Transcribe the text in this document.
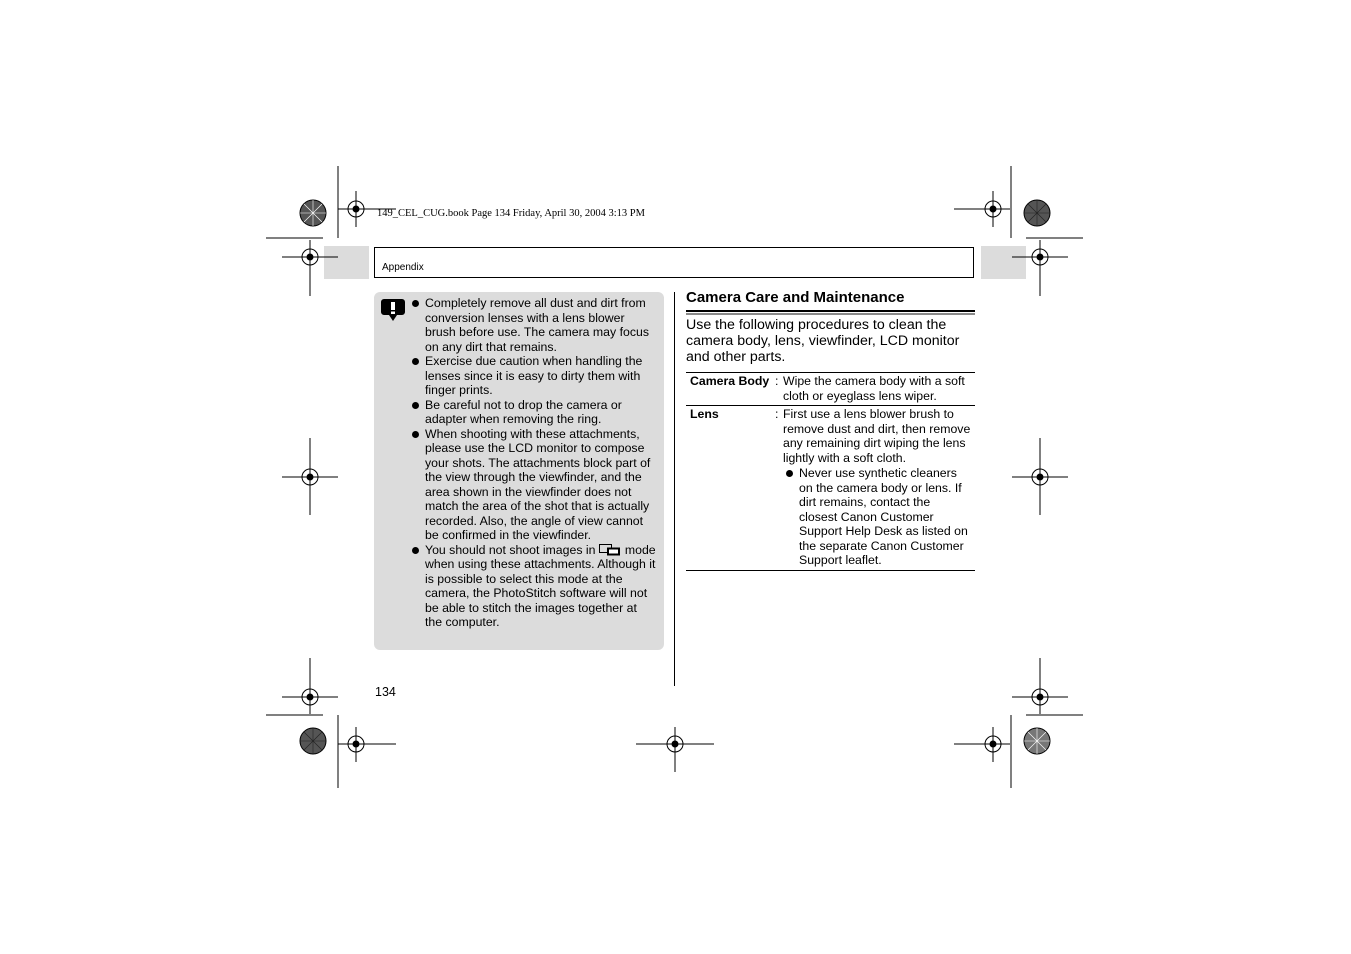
149_CEL_CUG.book Page 134 Friday, April 30, 2004 3:13 PM
Appendix
Completely remove all dust and dirt from conversion lenses with a lens blower brush before use. The camera may focus on any dirt that remains.
Exercise due caution when handling the lenses since it is easy to dirty them with finger prints.
Be careful not to drop the camera or adapter when removing the ring.
When shooting with these attachments, please use the LCD monitor to compose your shots. The attachments block part of the view through the viewfinder, and the area shown in the viewfinder does not match the area of the shot that is actually recorded. Also, the angle of view cannot be confirmed in the viewfinder.
You should not shoot images in mode when using these attachments. Although it is possible to select this mode at the camera, the PhotoStitch software will not be able to stitch the images together at the computer.
134
Camera Care and Maintenance
Use the following procedures to clean the camera body, lens, viewfinder, LCD monitor and other parts.
Camera Body	: Wipe the camera body with a soft cloth or eyeglass lens wiper.

Lens	: First use a lens blower brush to remove dust and dirt, then remove any remaining dirt wiping the lens lightly with a soft cloth.
Never use synthetic cleaners on the camera body or lens. If dirt remains, contact the closest Canon Customer Support Help Desk as listed on the separate Canon Customer Support leaflet.
